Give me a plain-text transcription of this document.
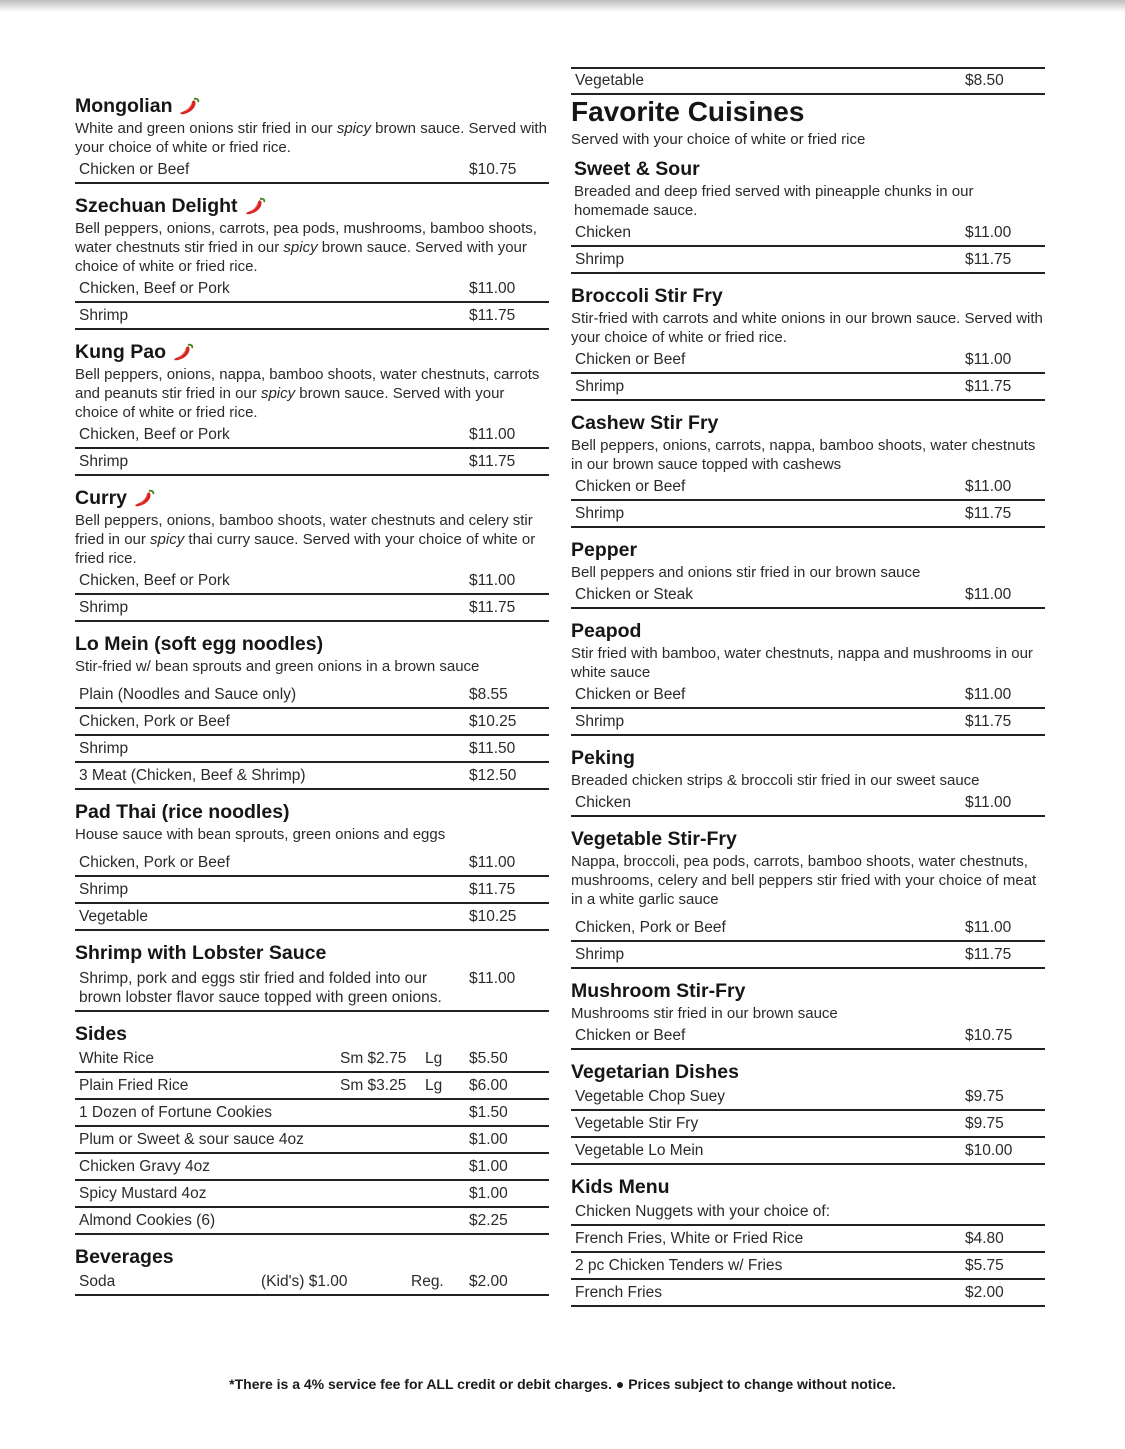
Mongolian
White and green onions stir fried in our spicy brown sauce. Served with your choice of white or fried rice.
Chicken or Beef	$10.75
Szechuan Delight
Bell peppers, onions, carrots, pea pods, mushrooms, bamboo shoots, water chestnuts stir fried in our spicy brown sauce. Served with your choice of white or fried rice.
Chicken, Beef or Pork	$11.00
Shrimp	$11.75
Kung Pao
Bell peppers, onions, nappa, bamboo shoots, water chestnuts, carrots and peanuts stir fried in our spicy brown sauce. Served with your choice of white or fried rice.
Chicken, Beef or Pork	$11.00
Shrimp	$11.75
Curry
Bell peppers, onions, bamboo shoots, water chestnuts and celery stir fried in our spicy thai curry sauce. Served with your choice of white or fried rice.
Chicken, Beef or Pork	$11.00
Shrimp	$11.75
Lo Mein (soft egg noodles)
Stir-fried w/ bean sprouts and green onions in a brown sauce
Plain (Noodles and Sauce only)	$8.55
Chicken, Pork or Beef	$10.25
Shrimp	$11.50
3 Meat (Chicken, Beef & Shrimp)	$12.50
Pad Thai (rice noodles)
House sauce with bean sprouts, green onions and eggs
Chicken, Pork or Beef	$11.00
Shrimp	$11.75
Vegetable	$10.25
Shrimp with Lobster Sauce
Shrimp, pork and eggs stir fried and folded into our brown lobster flavor sauce topped with green onions.
$11.00
Sides
White Rice	Sm $2.75	Lg	$5.50
Plain Fried Rice	Sm $3.25	Lg	$6.00
1 Dozen of Fortune Cookies	$1.50
Plum or Sweet & sour sauce 4oz	$1.00
Chicken Gravy 4oz	$1.00
Spicy Mustard 4oz	$1.00
Almond Cookies (6)	$2.25
Beverages
Soda	(Kid's) $1.00	Reg.	$2.00
Vegetable	$8.50
Favorite Cuisines
Served with your choice of white or fried rice
Sweet & Sour
Breaded and deep fried served with pineapple chunks in our homemade sauce.
Chicken	$11.00
Shrimp	$11.75
Broccoli Stir Fry
Stir-fried with carrots and white onions in our brown sauce. Served with your choice of white or fried rice.
Chicken or Beef	$11.00
Shrimp	$11.75
Cashew Stir Fry
Bell peppers, onions, carrots, nappa, bamboo shoots, water chestnuts in our brown sauce topped with cashews
Chicken or Beef	$11.00
Shrimp	$11.75
Pepper
Bell peppers and onions stir fried in our brown sauce
Chicken or Steak	$11.00
Peapod
Stir fried with bamboo, water chestnuts, nappa and mushrooms in our white sauce
Chicken or Beef	$11.00
Shrimp	$11.75
Peking
Breaded chicken strips & broccoli stir fried in our sweet sauce
Chicken	$11.00
Vegetable Stir-Fry
Nappa, broccoli, pea pods, carrots, bamboo shoots, water chestnuts, mushrooms, celery and bell peppers stir fried with your choice of meat in a white garlic sauce
Chicken, Pork or Beef	$11.00
Shrimp	$11.75
Mushroom Stir-Fry
Mushrooms stir fried in our brown sauce
Chicken or Beef	$10.75
Vegetarian Dishes
Vegetable Chop Suey	$9.75
Vegetable Stir Fry	$9.75
Vegetable Lo Mein	$10.00
Kids Menu
Chicken Nuggets with your choice of:
French Fries, White or Fried Rice	$4.80
2 pc Chicken Tenders w/ Fries	$5.75
French Fries	$2.00
*There is a 4% service fee for ALL credit or debit charges. ● Prices subject to change without notice.
